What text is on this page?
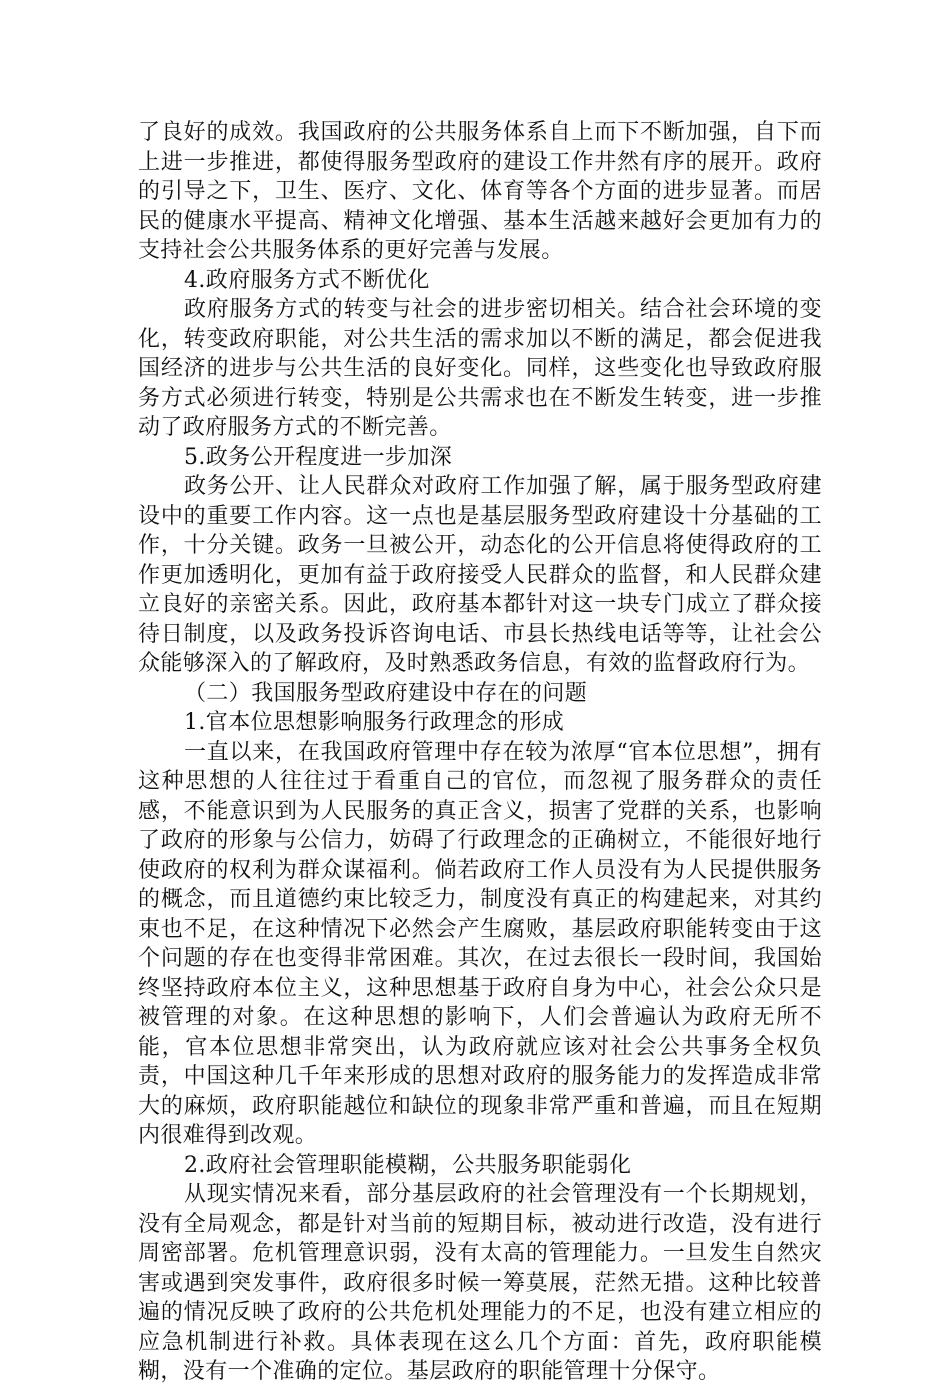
了良好的成效。我国政府的公共服务体系自上而下不断加强，自下而上进一步推进，都使得服务型政府的建设工作井然有序的展开。政府的引导之下，卫生、医疗、文化、体育等各个方面的进步显著。而居民的健康水平提高、精神文化增强、基本生活越来越好会更加有力的支持社会公共服务体系的更好完善与发展。

4.政府服务方式不断优化

政府服务方式的转变与社会的进步密切相关。结合社会环境的变化，转变政府职能，对公共生活的需求加以不断的满足，都会促进我国经济的进步与公共生活的良好变化。同样，这些变化也导致政府服务方式必须进行转变，特别是公共需求也在不断发生转变，进一步推动了政府服务方式的不断完善。

5.政务公开程度进一步加深

政务公开、让人民群众对政府工作加强了解，属于服务型政府建设中的重要工作内容。这一点也是基层服务型政府建设十分基础的工作，十分关键。政务一旦被公开，动态化的公开信息将使得政府的工作更加透明化，更加有益于政府接受人民群众的监督，和人民群众建立良好的亲密关系。因此，政府基本都针对这一块专门成立了群众接待日制度，以及政务投诉咨询电话、市县长热线电话等等，让社会公众能够深入的了解政府，及时熟悉政务信息，有效的监督政府行为。

（二）我国服务型政府建设中存在的问题

1.官本位思想影响服务行政理念的形成

一直以来，在我国政府管理中存在较为浓厚“官本位思想”，拥有这种思想的人往往过于看重自己的官位，而忽视了服务群众的责任感，不能意识到为人民服务的真正含义，损害了党群的关系，也影响了政府的形象与公信力，妨碍了行政理念的正确树立，不能很好地行使政府的权利为群众谋福利。倘若政府工作人员没有为人民提供服务的概念，而且道德约束比较乏力，制度没有真正的构建起来，对其约束也不足，在这种情况下必然会产生腐败，基层政府职能转变由于这个问题的存在也变得非常困难。其次，在过去很长一段时间，我国始终坚持政府本位主义，这种思想基于政府自身为中心，社会公众只是被管理的对象。在这种思想的影响下，人们会普遍认为政府无所不能，官本位思想非常突出，认为政府就应该对社会公共事务全权负责，中国这种几千年来形成的思想对政府的服务能力的发挥造成非常大的麻烦，政府职能越位和缺位的现象非常严重和普遍，而且在短期内很难得到改观。

2.政府社会管理职能模糊，公共服务职能弱化

从现实情况来看，部分基层政府的社会管理没有一个长期规划，没有全局观念，都是针对当前的短期目标，被动进行改造，没有进行周密部署。危机管理意识弱，没有太高的管理能力。一旦发生自然灾害或遇到突发事件，政府很多时候一筹莫展，茫然无措。这种比较普遍的情况反映了政府的公共危机处理能力的不足，也没有建立相应的应急机制进行补救。具体表现在这么几个方面：首先，政府职能模糊，没有一个准确的定位。基层政府的职能管理十分保守。
